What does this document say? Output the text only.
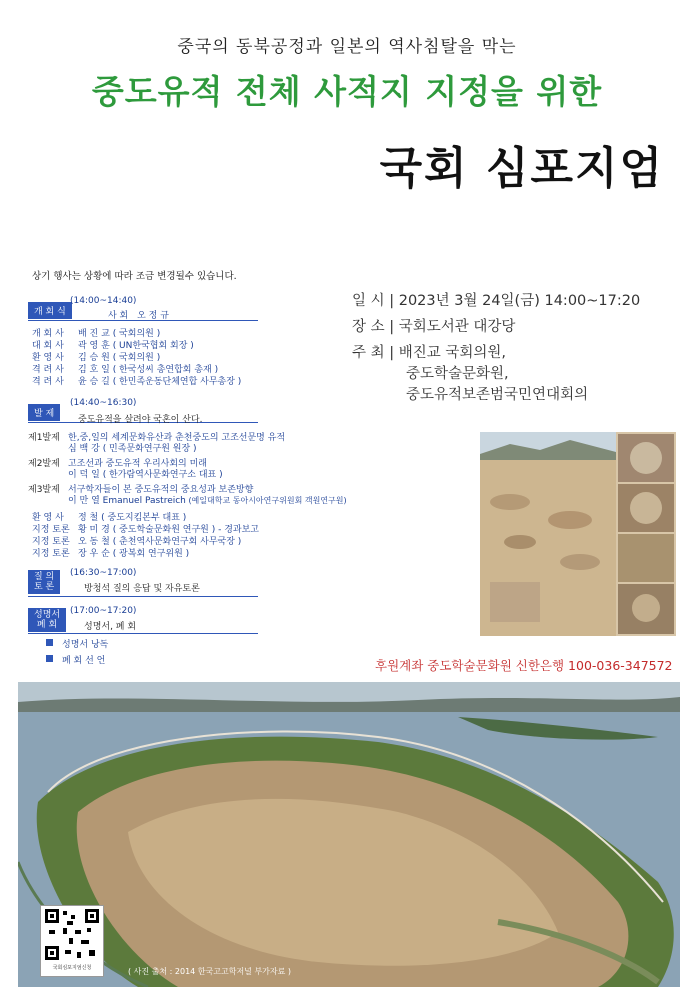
중국의 동북공정과 일본의 역사침탈을 막는
중도유적 전체 사적지 지정을 위한
국회 심포지엄
상기 행사는 상황에 따라 조금 변경될수 있습니다.
개 회 식
(14:00~14:40)
사 회 오 정 규
개 회 사 배 진 교 ( 국회의원 )
대 회 사 곽 영 훈 ( UN한국협회 회장 )
환 영 사 김 승 원 ( 국회의원 )
격 려 사 김 호 일 ( 한국성씨 총연합회 총재 )
격 려 사 윤 승 길 ( 한민족운동단체연합 사무총장 )
발 제
(14:40~16:30)
중도유적을 살려야 국혼이 산다.
제1발제 한,중,일의 세계문화유산과 춘천중도의 고조선문명 유적
심 백 강 ( 민족문화연구원 원장 )
제2발제 고조선과 중도유적 우리사회의 미래
이 덕 일 ( 한가람역사문화연구소 대표 )
제3발제 서구학자들이 본 중도유적의 중요성과 보존방향
이 만 열 Emanuel Pastreich (예일대학교 동아시아연구위원회 객원연구원)
환 영 사 정 철 ( 중도지킴본부 대표 )
지정 토론 황 미 경 ( 중도학술문화원 연구원 ) - 경과보고
지정 토론 오 동 철 ( 춘천역사문화연구회 사무국장 )
지정 토론 장 우 순 ( 광복회 연구위원 )
질 의
토 론
(16:30~17:00)
방청석 질의 응답 및 자유토론
성명서
폐 회
(17:00~17:20)
성명서, 폐 회
성명서 낭독
폐 회 선 언
일 시 | 2023년 3월 24일(금) 14:00~17:20
장 소 | 국회도서관 대강당
주 최 | 배진교 국회의원,
중도학술문화원,
중도유적보존범국민연대회의
후원계좌 중도학술문화원 신한은행 100-036-347572
국회심포지엄신청	( 사진 출처 : 2014 한국고고학저널 부가자료 )
